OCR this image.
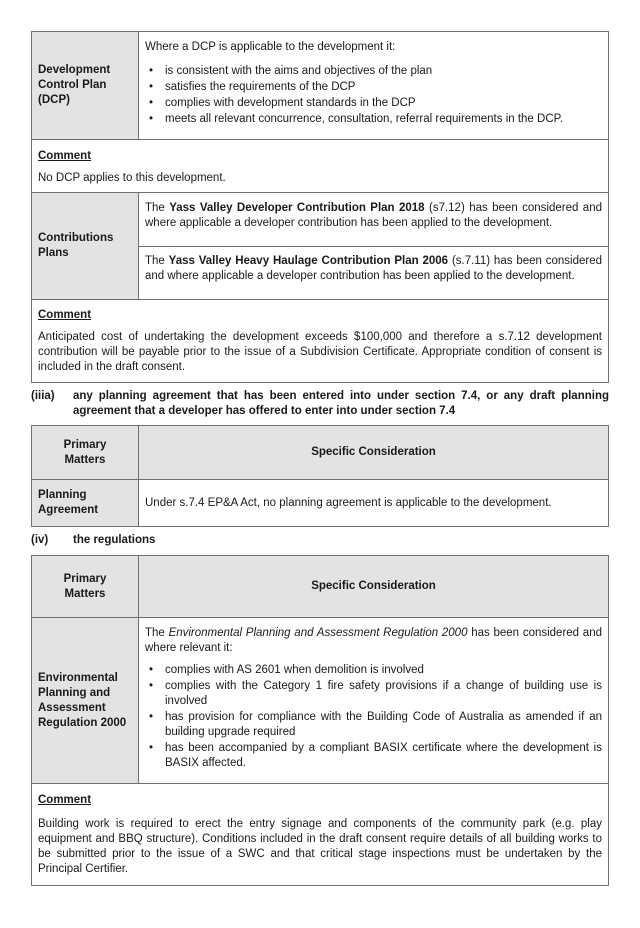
Development Control Plan (DCP)
Where a DCP is applicable to the development it:
• is consistent with the aims and objectives of the plan
• satisfies the requirements of the DCP
• complies with development standards in the DCP
• meets all relevant concurrence, consultation, referral requirements in the DCP.
Comment
No DCP applies to this development.
Contributions Plans
The Yass Valley Developer Contribution Plan 2018 (s7.12) has been considered and where applicable a developer contribution has been applied to the development.
The Yass Valley Heavy Haulage Contribution Plan 2006 (s.7.11) has been considered and where applicable a developer contribution has been applied to the development.
Comment
Anticipated cost of undertaking the development exceeds $100,000 and therefore a s.7.12 development contribution will be payable prior to the issue of a Subdivision Certificate. Appropriate condition of consent is included in the draft consent.
(iiia)	any planning agreement that has been entered into under section 7.4, or any draft planning agreement that a developer has offered to enter into under section 7.4
Primary Matters
Specific Consideration
Planning Agreement
Under s.7.4 EP&A Act, no planning agreement is applicable to the development.
(iv)	the regulations
Primary Matters
Specific Consideration
Environmental Planning and Assessment Regulation 2000
The Environmental Planning and Assessment Regulation 2000 has been considered and where relevant it:
• complies with AS 2601 when demolition is involved
• complies with the Category 1 fire safety provisions if a change of building use is involved
• has provision for compliance with the Building Code of Australia as amended if an building upgrade required
• has been accompanied by a compliant BASIX certificate where the development is BASIX affected.
Comment
Building work is required to erect the entry signage and components of the community park (e.g. play equipment and BBQ structure). Conditions included in the draft consent require details of all building works to be submitted prior to the issue of a SWC and that critical stage inspections must be undertaken by the Principal Certifier.
